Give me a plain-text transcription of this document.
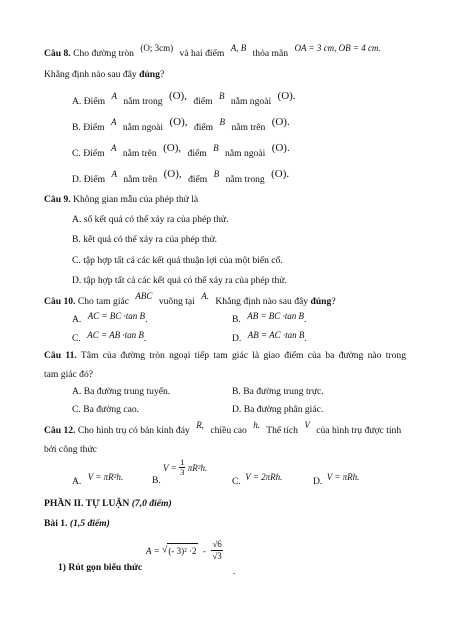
Câu 8. Cho đường tròn (O; 3cm) và hai điểm A, B thỏa mãn OA = 3 cm, OB = 4 cm.
Khẳng định nào sau đây đúng?
A. Điểm A nằm trong (O), điểm B nằm ngoài (O).
B. Điểm A nằm ngoài (O), điểm B nằm trên (O).
C. Điểm A nằm trên (O), điểm B nằm ngoài (O).
D. Điểm A nằm trên (O), điểm B nằm trong (O).
Câu 9. Không gian mẫu của phép thử là
A. số kết quả có thể xảy ra của phép thử.
B. kết quả có thể xảy ra của phép thử.
C. tập hợp tất cả các kết quả thuận lợi của một biến cố.
D. tập hợp tất cả các kết quả có thể xảy ra của phép thử.
Câu 10. Cho tam giác ABC vuông tại A. Khẳng định nào sau đây đúng?
A. AC = BC ·tan B.	B. AB = BC ·tan B.
C. AC = AB ·tan B.	D. AB = AC ·tan B.
Câu 11. Tâm của đường tròn ngoại tiếp tam giác là giao điểm của ba đường nào trong
tam giác đó?
A. Ba đường trung tuyến.	B. Ba đường trung trực.
C. Ba đường cao.	D. Ba đường phân giác.
Câu 12. Cho hình trụ có bán kính đáy R, chiều cao h. Thể tích V của hình trụ được tính
bởi công thức
A. V = πR²h.	B.
$V = \frac{1}{3} \pi R^2h$.
C. V = 2πRh.	D. V = πRh.
PHẦN II. TỰ LUẬN (7,0 điểm)
Bài 1. (1,5 điểm)
1) Rút gọn biểu thức
A = √(- $3)^2 \cdot 2 - \frac{√6}{√3}$
.
